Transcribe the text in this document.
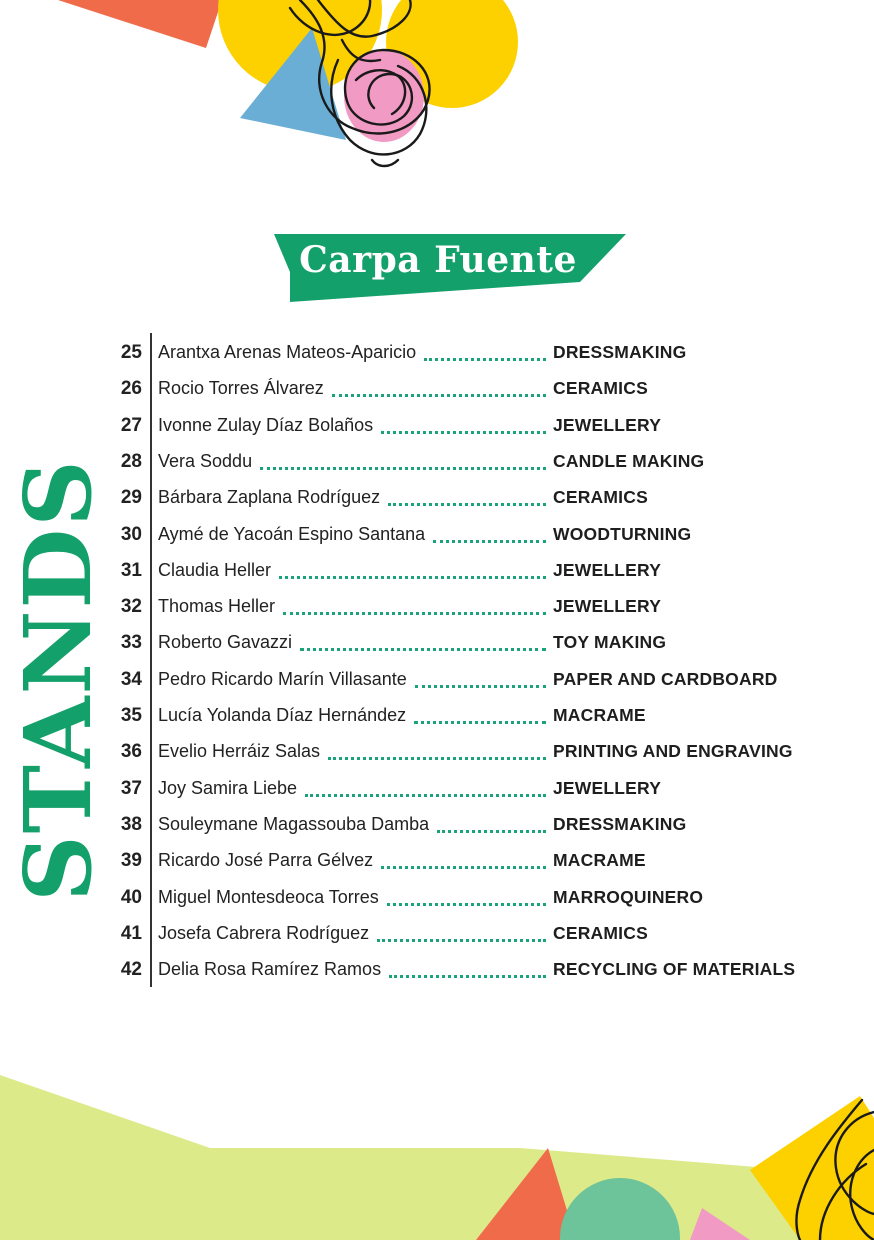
Carpa Fuente
STANDS
25 Arantxa Arenas Mateos-Aparicio	DRESSMAKING
26 Rocio Torres Álvarez	CERAMICS
27 Ivonne Zulay Díaz Bolaños	JEWELLERY
28 Vera Soddu	CANDLE MAKING
29 Bárbara Zaplana Rodríguez	CERAMICS
30 Aymé de Yacoán Espino Santana	WOODTURNING
31 Claudia Heller	JEWELLERY
32 Thomas Heller	JEWELLERY
33 Roberto Gavazzi	TOY MAKING
34 Pedro Ricardo Marín Villasante	PAPER AND CARDBOARD
35 Lucía Yolanda Díaz Hernández	MACRAME
36 Evelio Herráiz Salas	PRINTING AND ENGRAVING
37 Joy Samira Liebe	JEWELLERY
38 Souleymane Magassouba Damba	DRESSMAKING
39 Ricardo José Parra Gélvez	MACRAME
40 Miguel Montesdeoca Torres	MARROQUINERO
41 Josefa Cabrera Rodríguez	CERAMICS
42 Delia Rosa Ramírez Ramos	RECYCLING OF MATERIALS
